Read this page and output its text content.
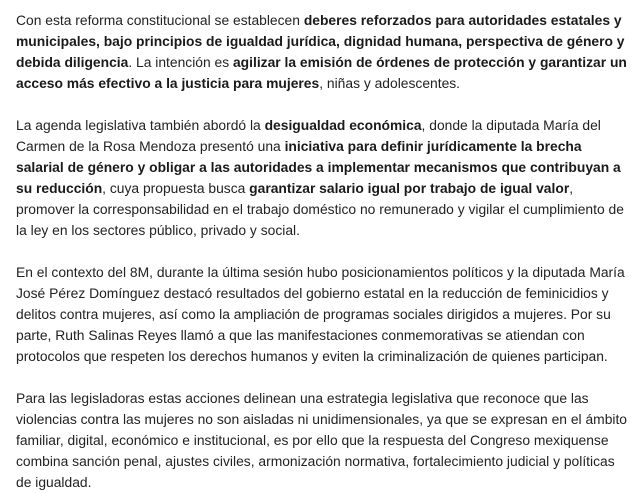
Con esta reforma constitucional se establecen deberes reforzados para autoridades estatales y municipales, bajo principios de igualdad jurídica, dignidad humana, perspectiva de género y debida diligencia. La intención es agilizar la emisión de órdenes de protección y garantizar un acceso más efectivo a la justicia para mujeres, niñas y adolescentes.

La agenda legislativa también abordó la desigualdad económica, donde la diputada María del Carmen de la Rosa Mendoza presentó una iniciativa para definir jurídicamente la brecha salarial de género y obligar a las autoridades a implementar mecanismos que contribuyan a su reducción, cuya propuesta busca garantizar salario igual por trabajo de igual valor, promover la corresponsabilidad en el trabajo doméstico no remunerado y vigilar el cumplimiento de la ley en los sectores público, privado y social.

En el contexto del 8M, durante la última sesión hubo posicionamientos políticos y la diputada María José Pérez Domínguez destacó resultados del gobierno estatal en la reducción de feminicidios y delitos contra mujeres, así como la ampliación de programas sociales dirigidos a mujeres. Por su parte, Ruth Salinas Reyes llamó a que las manifestaciones conmemorativas se atiendan con protocolos que respeten los derechos humanos y eviten la criminalización de quienes participan.

Para las legisladoras estas acciones delinean una estrategia legislativa que reconoce que las violencias contra las mujeres no son aisladas ni unidimensionales, ya que se expresan en el ámbito familiar, digital, económico e institucional, es por ello que la respuesta del Congreso mexiquense combina sanción penal, ajustes civiles, armonización normativa, fortalecimiento judicial y políticas de igualdad.
